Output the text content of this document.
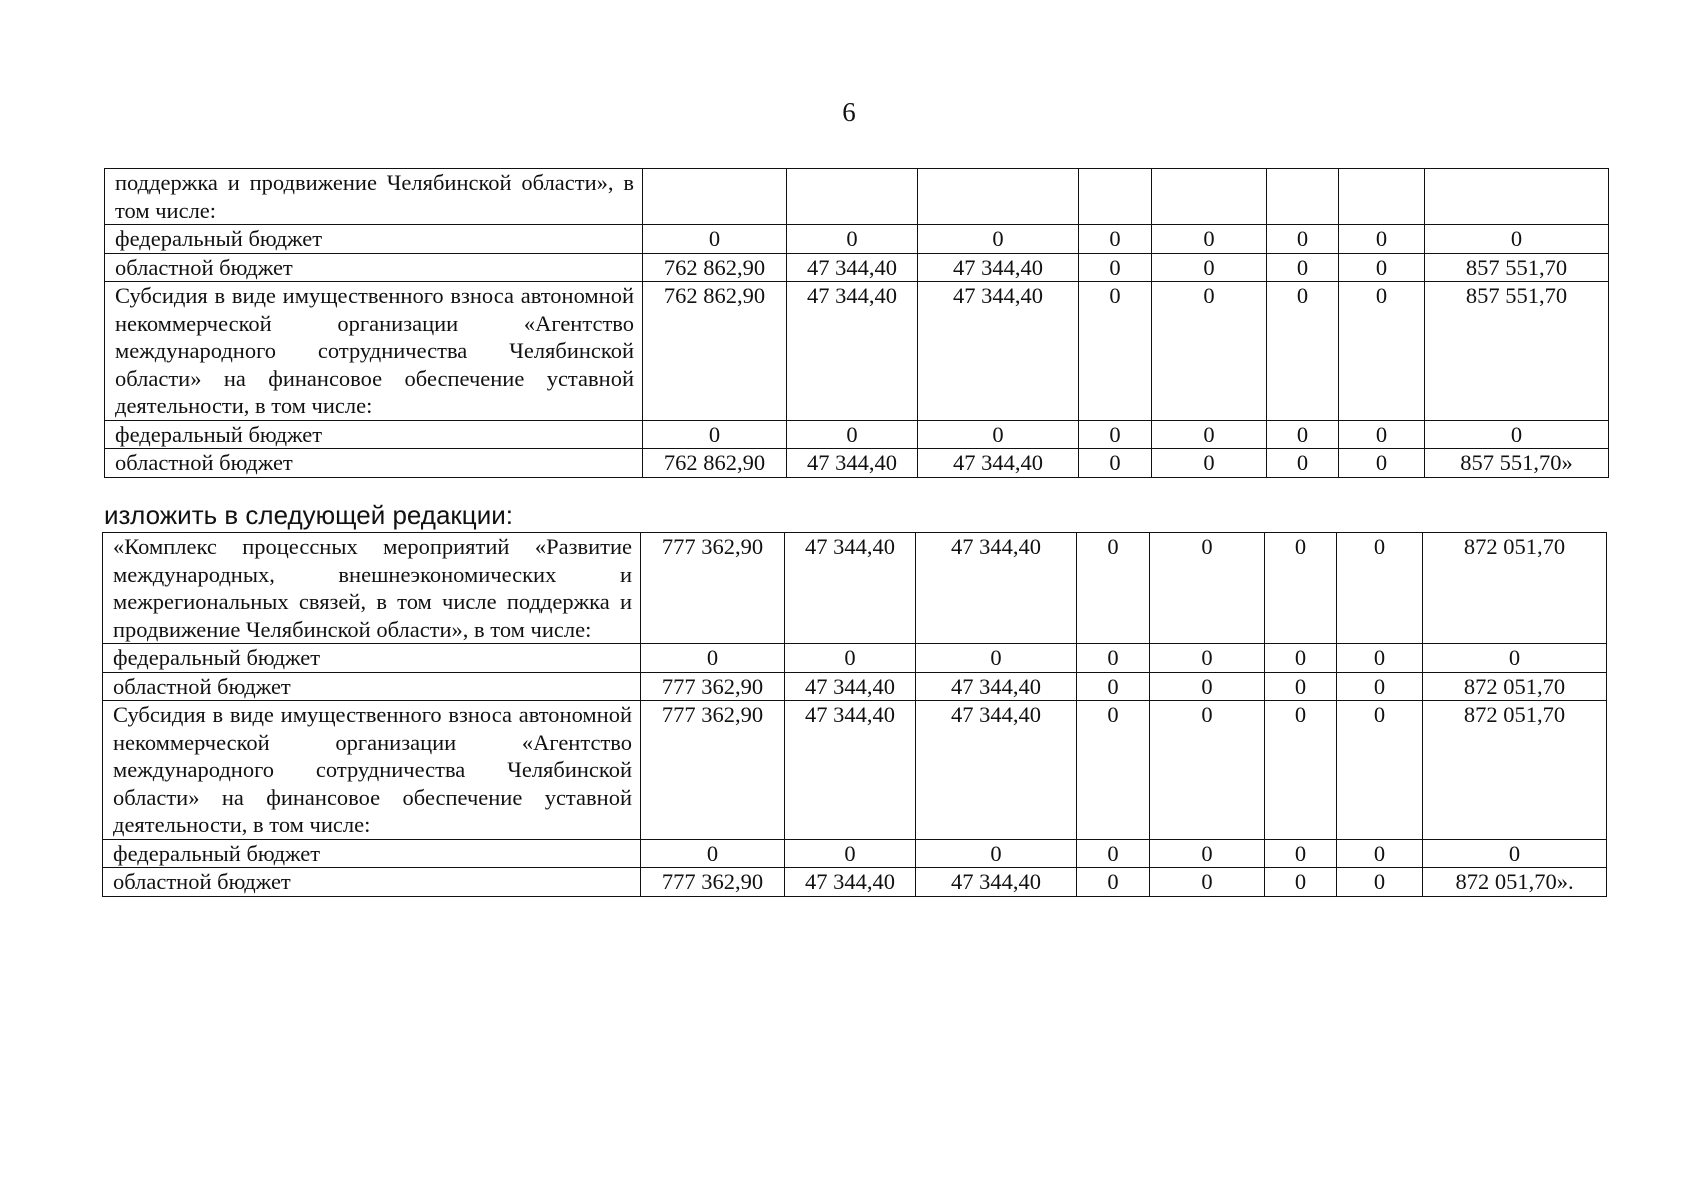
6
поддержка и продвижение Челябинской области», в том числе:								
федеральный бюджет	0	0	0	0	0	0	0	0
областной бюджет	762 862,90	47 344,40	47 344,40	0	0	0	0	857 551,70
Субсидия в виде имущественного взноса автономной некоммерческой организации «Агентство международного сотрудничества Челябинской области» на финансовое обеспечение уставной деятельности, в том числе:	762 862,90	47 344,40	47 344,40	0	0	0	0	857 551,70
федеральный бюджет	0	0	0	0	0	0	0	0
областной бюджет	762 862,90	47 344,40	47 344,40	0	0	0	0	857 551,70»
изложить в следующей редакции:
«Комплекс процессных мероприятий «Развитие международных, внешнеэкономических и межрегиональных связей, в том числе поддержка и продвижение Челябинской области», в том числе:	777 362,90	47 344,40	47 344,40	0	0	0	0	872 051,70
федеральный бюджет	0	0	0	0	0	0	0	0
областной бюджет	777 362,90	47 344,40	47 344,40	0	0	0	0	872 051,70
Субсидия в виде имущественного взноса автономной некоммерческой организации «Агентство международного сотрудничества Челябинской области» на финансовое обеспечение уставной деятельности, в том числе:	777 362,90	47 344,40	47 344,40	0	0	0	0	872 051,70
федеральный бюджет	0	0	0	0	0	0	0	0
областной бюджет	777 362,90	47 344,40	47 344,40	0	0	0	0	872 051,70».
